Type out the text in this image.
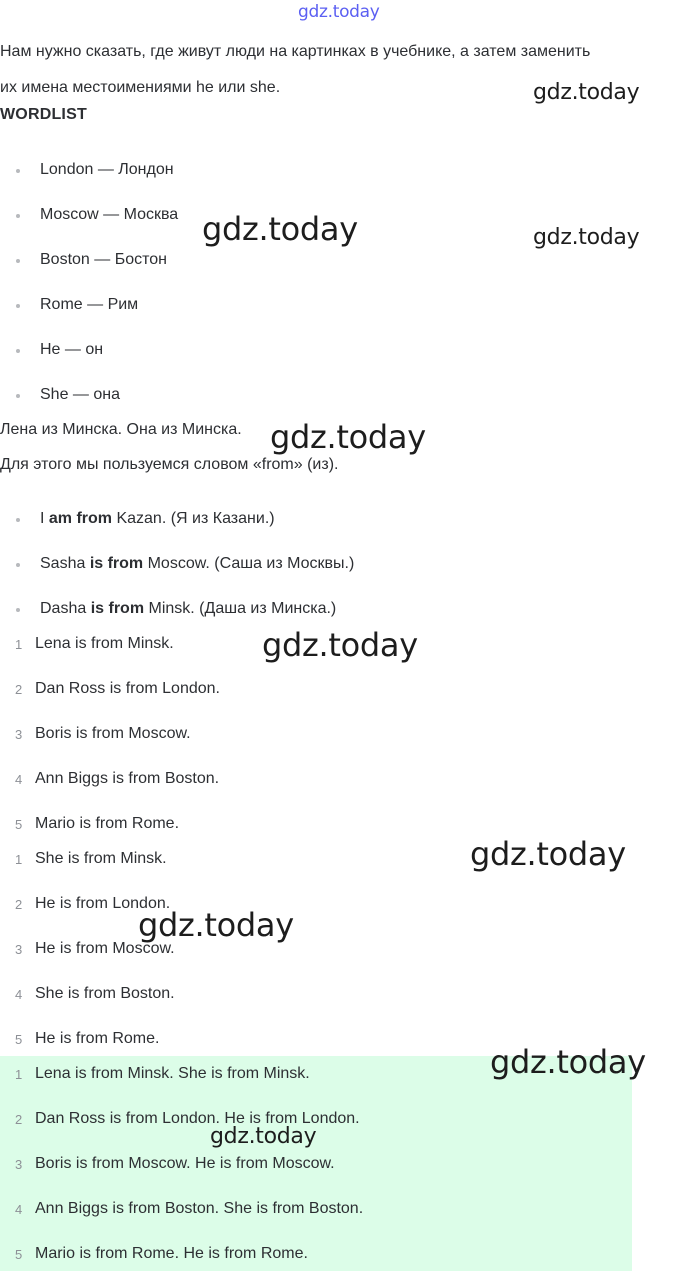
gdz.today
Нам нужно сказать, где живут люди на картинках в учебнике, а затем заменить
их имена местоимениями he или she.
WORDLIST
London — Лондон
Moscow — Москва
Boston — Бостон
Rome — Рим
He — он
She — она
Лена из Минска. Она из Минска.
Для этого мы пользуемся словом «from» (из).
I am from Kazan. (Я из Казани.)
Sasha is from Moscow. (Саша из Москвы.)
Dasha is from Minsk. (Даша из Минска.)
1 Lena is from Minsk.
2 Dan Ross is from London.
3 Boris is from Moscow.
4 Ann Biggs is from Boston.
5 Mario is from Rome.
1 She is from Minsk.
2 He is from London.
3 He is from Moscow.
4 She is from Boston.
5 He is from Rome.
1 Lena is from Minsk. She is from Minsk.
2 Dan Ross is from London. He is from London.
3 Boris is from Moscow. He is from Moscow.
4 Ann Biggs is from Boston. She is from Boston.
5 Mario is from Rome. He is from Rome.
gdz.today
gdz.today	gdz.today
gdz.today
gdz.today
gdz.today
gdz.today
gdz.today
gdz.today
